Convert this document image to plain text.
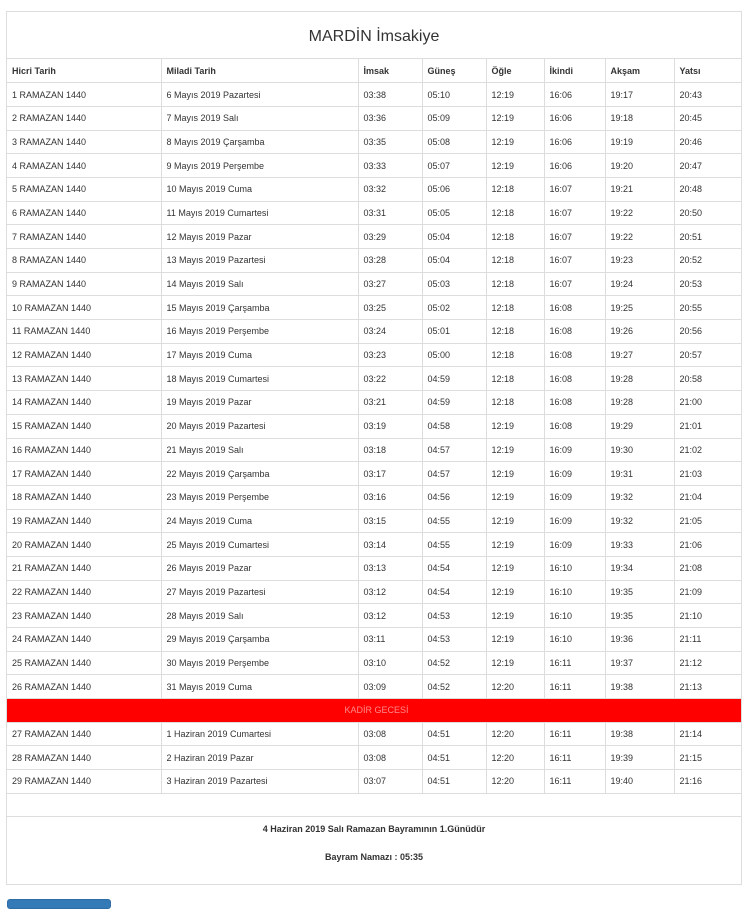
MARDİN İmsakiye
Hicri Tarih	Miladi Tarih	İmsak	Güneş	Öğle	İkindi	Akşam	Yatsı
1 RAMAZAN 1440	6 Mayıs 2019 Pazartesi	03:38	05:10	12:19	16:06	19:17	20:43
2 RAMAZAN 1440	7 Mayıs 2019 Salı	03:36	05:09	12:19	16:06	19:18	20:45
3 RAMAZAN 1440	8 Mayıs 2019 Çarşamba	03:35	05:08	12:19	16:06	19:19	20:46
4 RAMAZAN 1440	9 Mayıs 2019 Perşembe	03:33	05:07	12:19	16:06	19:20	20:47
5 RAMAZAN 1440	10 Mayıs 2019 Cuma	03:32	05:06	12:18	16:07	19:21	20:48
6 RAMAZAN 1440	11 Mayıs 2019 Cumartesi	03:31	05:05	12:18	16:07	19:22	20:50
7 RAMAZAN 1440	12 Mayıs 2019 Pazar	03:29	05:04	12:18	16:07	19:22	20:51
8 RAMAZAN 1440	13 Mayıs 2019 Pazartesi	03:28	05:04	12:18	16:07	19:23	20:52
9 RAMAZAN 1440	14 Mayıs 2019 Salı	03:27	05:03	12:18	16:07	19:24	20:53
10 RAMAZAN 1440	15 Mayıs 2019 Çarşamba	03:25	05:02	12:18	16:08	19:25	20:55
11 RAMAZAN 1440	16 Mayıs 2019 Perşembe	03:24	05:01	12:18	16:08	19:26	20:56
12 RAMAZAN 1440	17 Mayıs 2019 Cuma	03:23	05:00	12:18	16:08	19:27	20:57
13 RAMAZAN 1440	18 Mayıs 2019 Cumartesi	03:22	04:59	12:18	16:08	19:28	20:58
14 RAMAZAN 1440	19 Mayıs 2019 Pazar	03:21	04:59	12:18	16:08	19:28	21:00
15 RAMAZAN 1440	20 Mayıs 2019 Pazartesi	03:19	04:58	12:19	16:08	19:29	21:01
16 RAMAZAN 1440	21 Mayıs 2019 Salı	03:18	04:57	12:19	16:09	19:30	21:02
17 RAMAZAN 1440	22 Mayıs 2019 Çarşamba	03:17	04:57	12:19	16:09	19:31	21:03
18 RAMAZAN 1440	23 Mayıs 2019 Perşembe	03:16	04:56	12:19	16:09	19:32	21:04
19 RAMAZAN 1440	24 Mayıs 2019 Cuma	03:15	04:55	12:19	16:09	19:32	21:05
20 RAMAZAN 1440	25 Mayıs 2019 Cumartesi	03:14	04:55	12:19	16:09	19:33	21:06
21 RAMAZAN 1440	26 Mayıs 2019 Pazar	03:13	04:54	12:19	16:10	19:34	21:08
22 RAMAZAN 1440	27 Mayıs 2019 Pazartesi	03:12	04:54	12:19	16:10	19:35	21:09
23 RAMAZAN 1440	28 Mayıs 2019 Salı	03:12	04:53	12:19	16:10	19:35	21:10
24 RAMAZAN 1440	29 Mayıs 2019 Çarşamba	03:11	04:53	12:19	16:10	19:36	21:11
25 RAMAZAN 1440	30 Mayıs 2019 Perşembe	03:10	04:52	12:19	16:11	19:37	21:12
26 RAMAZAN 1440	31 Mayıs 2019 Cuma	03:09	04:52	12:20	16:11	19:38	21:13
KADİR GECESİ							
27 RAMAZAN 1440	1 Haziran 2019 Cumartesi	03:08	04:51	12:20	16:11	19:38	21:14
28 RAMAZAN 1440	2 Haziran 2019 Pazar	03:08	04:51	12:20	16:11	19:39	21:15
29 RAMAZAN 1440	3 Haziran 2019 Pazartesi	03:07	04:51	12:20	16:11	19:40	21:16
4 Haziran 2019 Salı Ramazan Bayramının 1.Günüdür
Bayram Namazı : 05:35
